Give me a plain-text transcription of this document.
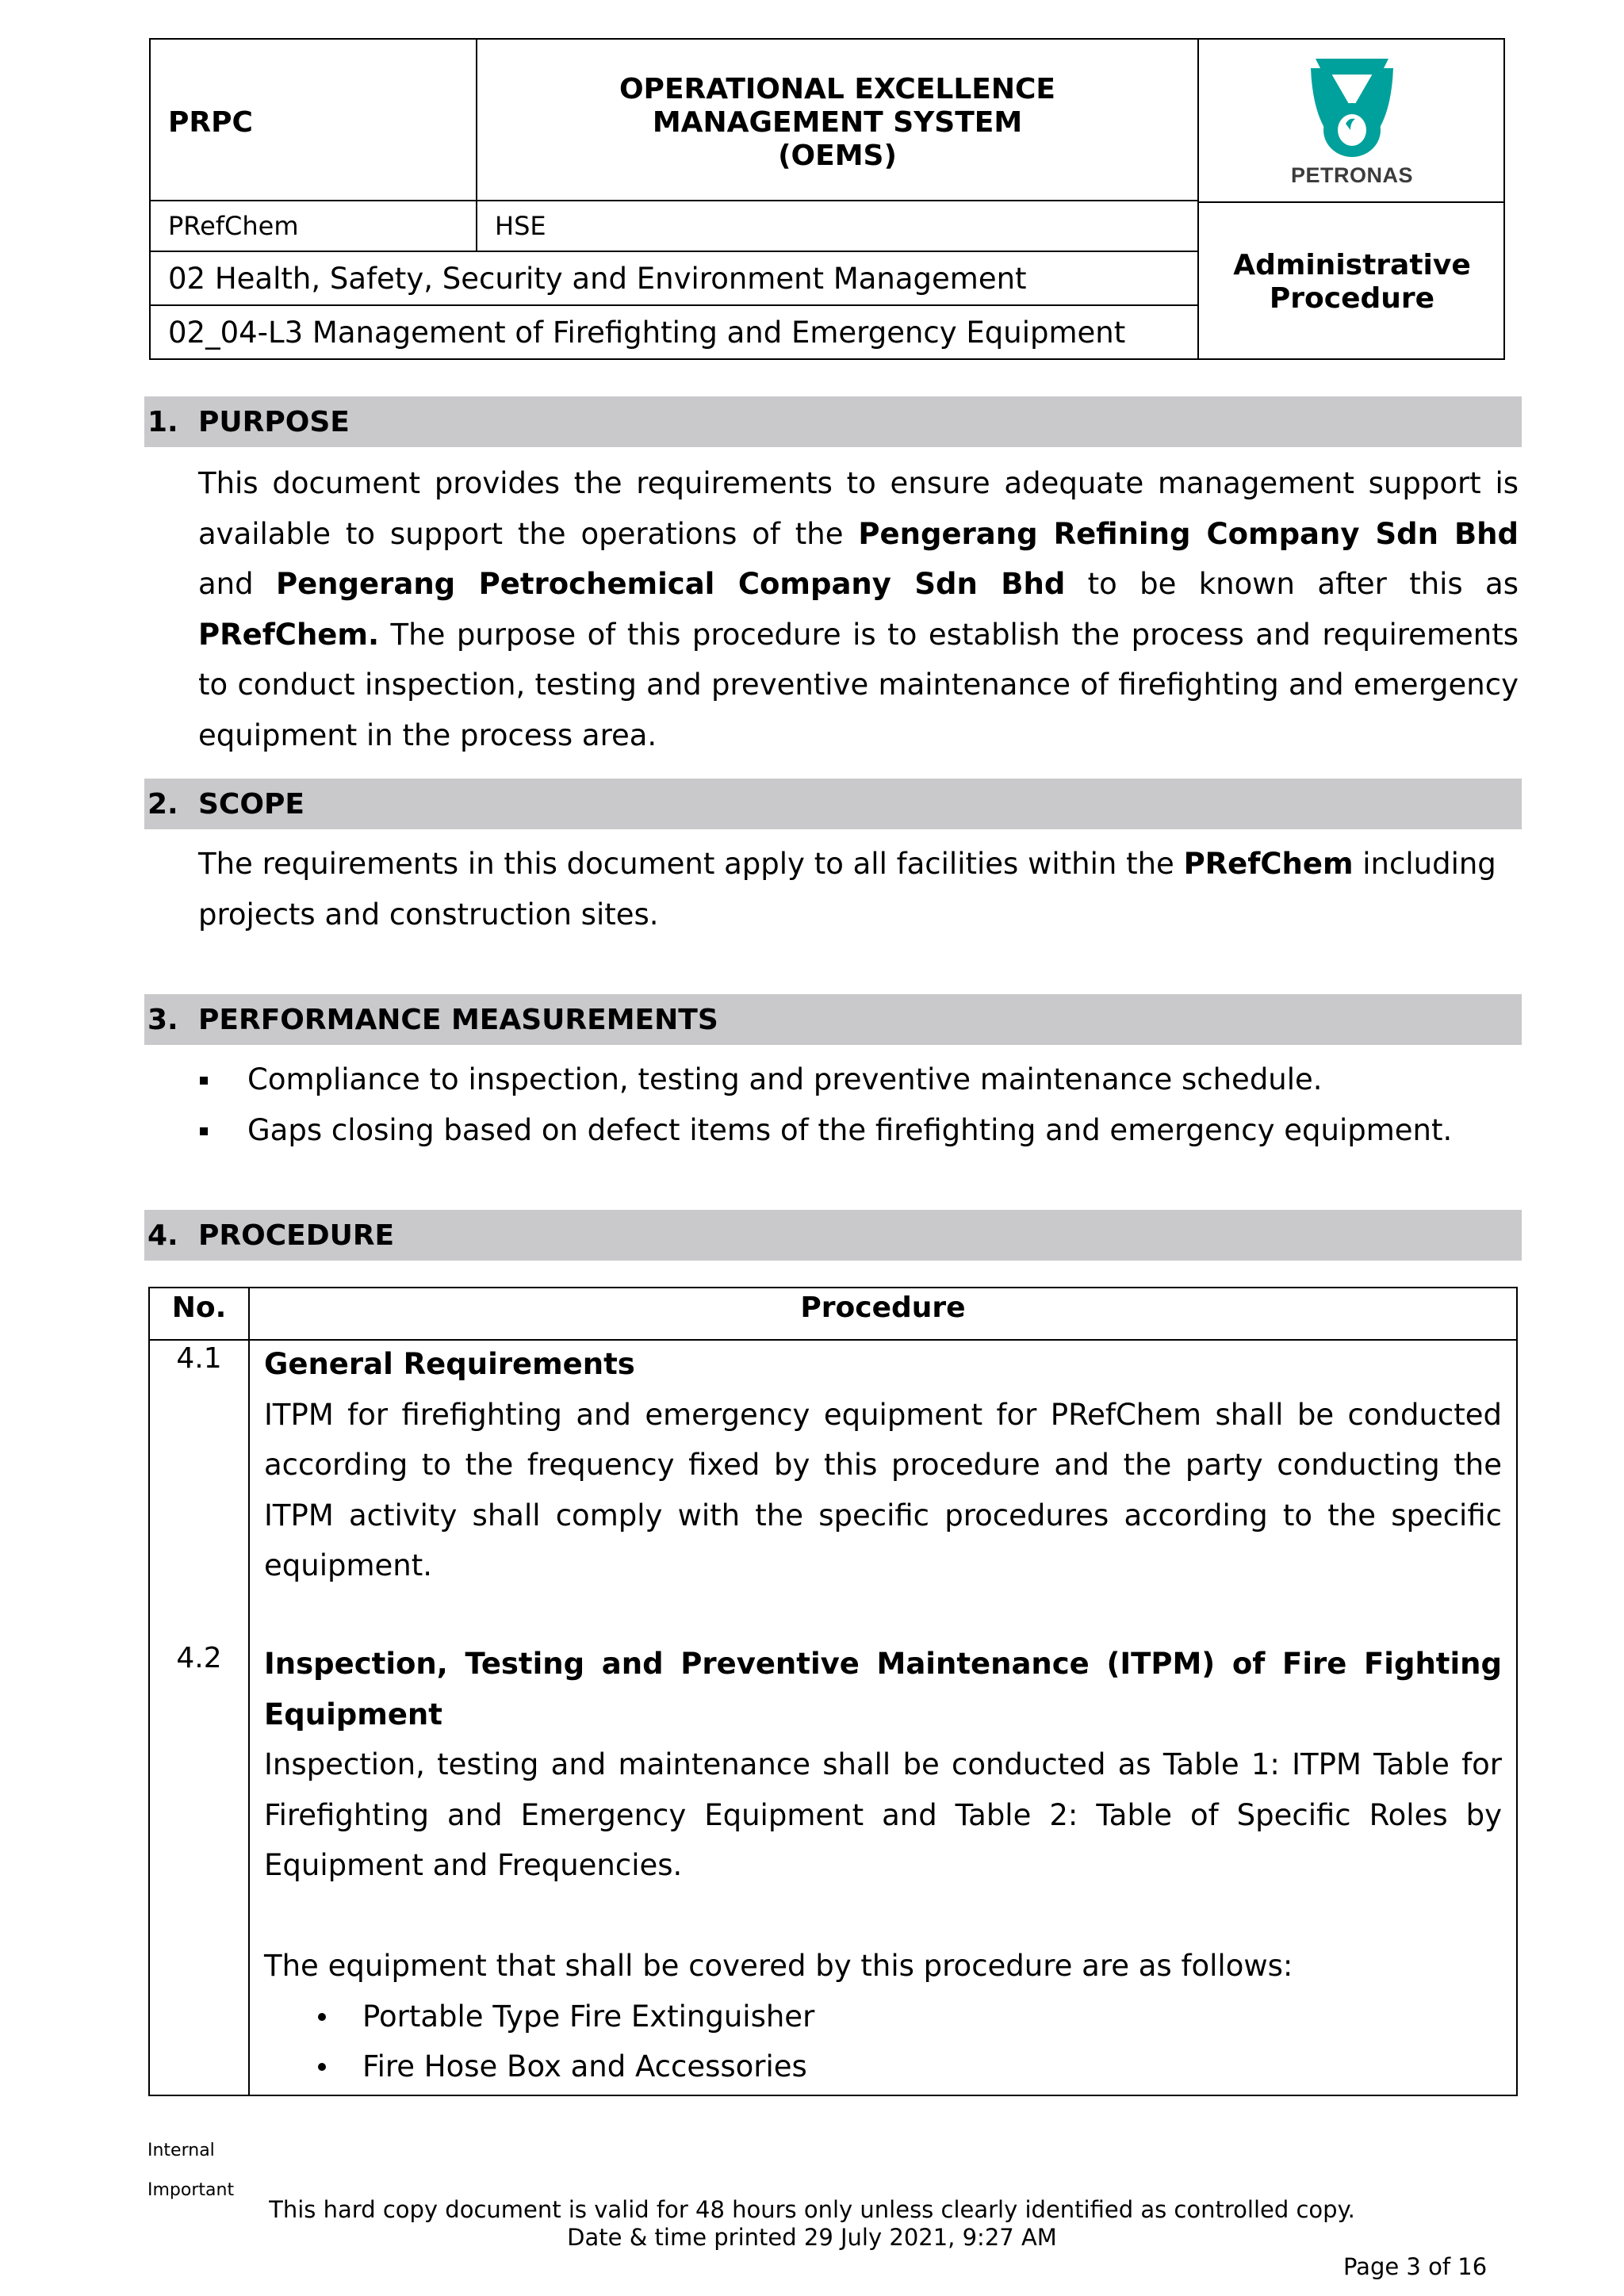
PRPC
OPERATIONAL EXCELLENCE
MANAGEMENT SYSTEM
(OEMS)
PETRONAS
PRefChem	HSE
02 Health, Safety, Security and Environment Management
02_04-L3 Management of Firefighting and Emergency Equipment
Administrative
Procedure
1. PURPOSE
This document provides the requirements to ensure adequate management support is available to support the operations of the Pengerang Refining Company Sdn Bhd and Pengerang Petrochemical Company Sdn Bhd to be known after this as PRefChem. The purpose of this procedure is to establish the process and requirements to conduct inspection, testing and preventive maintenance of firefighting and emergency equipment in the process area.
2. SCOPE
The requirements in this document apply to all facilities within the PRefChem including projects and construction sites.
3. PERFORMANCE MEASUREMENTS
Compliance to inspection, testing and preventive maintenance schedule.
Gaps closing based on defect items of the firefighting and emergency equipment.
4. PROCEDURE
No.	Procedure
4.1	General Requirements
ITPM for firefighting and emergency equipment for PRefChem shall be conducted according to the frequency fixed by this procedure and the party conducting the ITPM activity shall comply with the specific procedures according to the specific equipment.
4.2	Inspection, Testing and Preventive Maintenance (ITPM) of Fire Fighting Equipment
Inspection, testing and maintenance shall be conducted as Table 1: ITPM Table for Firefighting and Emergency Equipment and Table 2: Table of Specific Roles by Equipment and Frequencies.
The equipment that shall be covered by this procedure are as follows:
Portable Type Fire Extinguisher
Fire Hose Box and Accessories
Internal
Important
This hard copy document is valid for 48 hours only unless clearly identified as controlled copy.
Date & time printed 29 July 2021, 9:27 AM
Page 3 of 16
